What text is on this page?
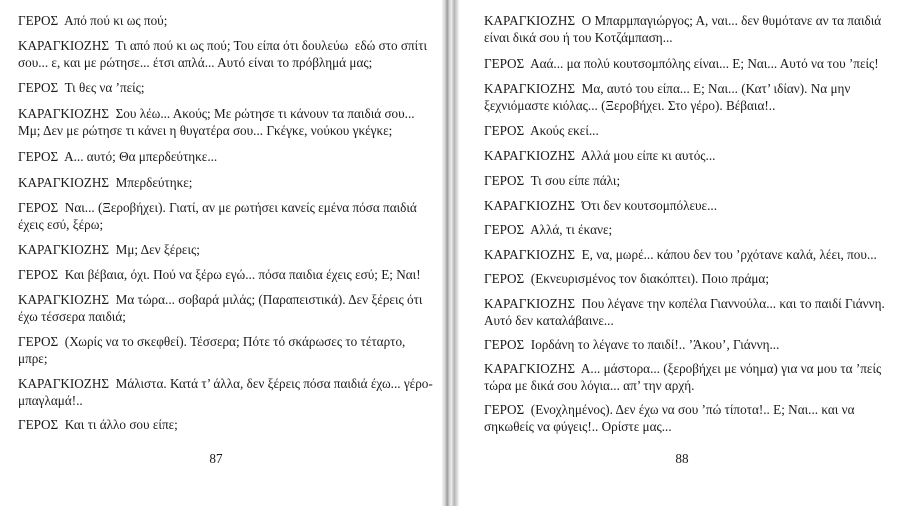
ΓΕΡΟΣ  Από πού κι ως πού;

ΚΑΡΑΓΚΙΟΖΗΣ  Τι από πού κι ως πού; Του είπα ότι δουλεύω  εδώ στο σπίτι σου... ε, και με ρώτησε... έτσι απλά... Αυτό είναι το πρόβλημά μας;

ΓΕΡΟΣ  Τι θες να ’πείς;

ΚΑΡΑΓΚΙΟΖΗΣ  Σου λέω... Ακούς; Με ρώτησε τι κάνουν τα παιδιά σου... Μμ; Δεν με ρώτησε τι κάνει η θυγατέρα σου... Γκέγκε, νούκου γκέγκε;

ΓΕΡΟΣ  Α... αυτό; Θα μπερδεύτηκε...

ΚΑΡΑΓΚΙΟΖΗΣ  Μπερδεύτηκε;

ΓΕΡΟΣ  Ναι... (Ξεροβήχει). Γιατί, αν με ρωτήσει κανείς εμένα πόσα παιδιά έχεις εσύ, ξέρω;

ΚΑΡΑΓΚΙΟΖΗΣ  Μμ; Δεν ξέρεις;

ΓΕΡΟΣ  Και βέβαια, όχι. Πού να ξέρω εγώ... πόσα παιδια έχεις εσύ; Ε; Ναι!

ΚΑΡΑΓΚΙΟΖΗΣ  Μα τώρα... σοβαρά μιλάς; (Παραπειστικά). Δεν ξέρεις ότι έχω τέσσερα παιδιά;

ΓΕΡΟΣ  (Χωρίς να το σκεφθεί). Τέσσερα; Πότε τό σκάρωσες το τέταρτο, μπρε;

ΚΑΡΑΓΚΙΟΖΗΣ  Μάλιστα. Κατά τ’ άλλα, δεν ξέρεις πόσα παιδιά έχω... γέρο-μπαγλαμά!..

ΓΕΡΟΣ  Και τι άλλο σου είπε;

87

ΚΑΡΑΓΚΙΟΖΗΣ  Ο Μπαρμπαγιώργος; Α, ναι... δεν θυμότανε αν τα παιδιά είναι δικά σου ή του Κοτζάμπαση...

ΓΕΡΟΣ  Ααά... μα πολύ κουτσομπόλης είναι... Ε; Ναι... Αυτό να του ’πείς!

ΚΑΡΑΓΚΙΟΖΗΣ  Μα, αυτό του είπα... Ε; Ναι... (Κατ’ ιδίαν). Να μην ξεχνιόμαστε κιόλας... (Ξεροβήχει. Στο γέρο). Βέβαια!..

ΓΕΡΟΣ  Ακούς εκεί...

ΚΑΡΑΓΚΙΟΖΗΣ  Αλλά μου είπε κι αυτός...

ΓΕΡΟΣ  Τι σου είπε πάλι;

ΚΑΡΑΓΚΙΟΖΗΣ  Ότι δεν κουτσομπόλευε...

ΓΕΡΟΣ  Αλλά, τι έκανε;

ΚΑΡΑΓΚΙΟΖΗΣ  Ε, να, μωρέ... κάπου δεν του ’ρχότανε καλά, λέει, που...

ΓΕΡΟΣ  (Εκνευρισμένος τον διακόπτει). Ποιο πράμα;

ΚΑΡΑΓΚΙΟΖΗΣ  Που λέγανε την κοπέλα Γιαννούλα... και το παιδί Γιάννη. Αυτό δεν καταλάβαινε...

ΓΕΡΟΣ  Ιορδάνη το λέγανε το παιδί!.. ’Άκου’, Γιάννη...

ΚΑΡΑΓΚΙΟΖΗΣ  Α... μάστορα... (ξεροβήχει με νόημα) για να μου τα ’πείς τώρα με δικά σου λόγια... απ’ την αρχή.

ΓΕΡΟΣ  (Ενοχλημένος). Δεν έχω να σου ’πώ τίποτα!.. Ε; Ναι... και να σηκωθείς να φύγεις!.. Ορίστε μας...

88
